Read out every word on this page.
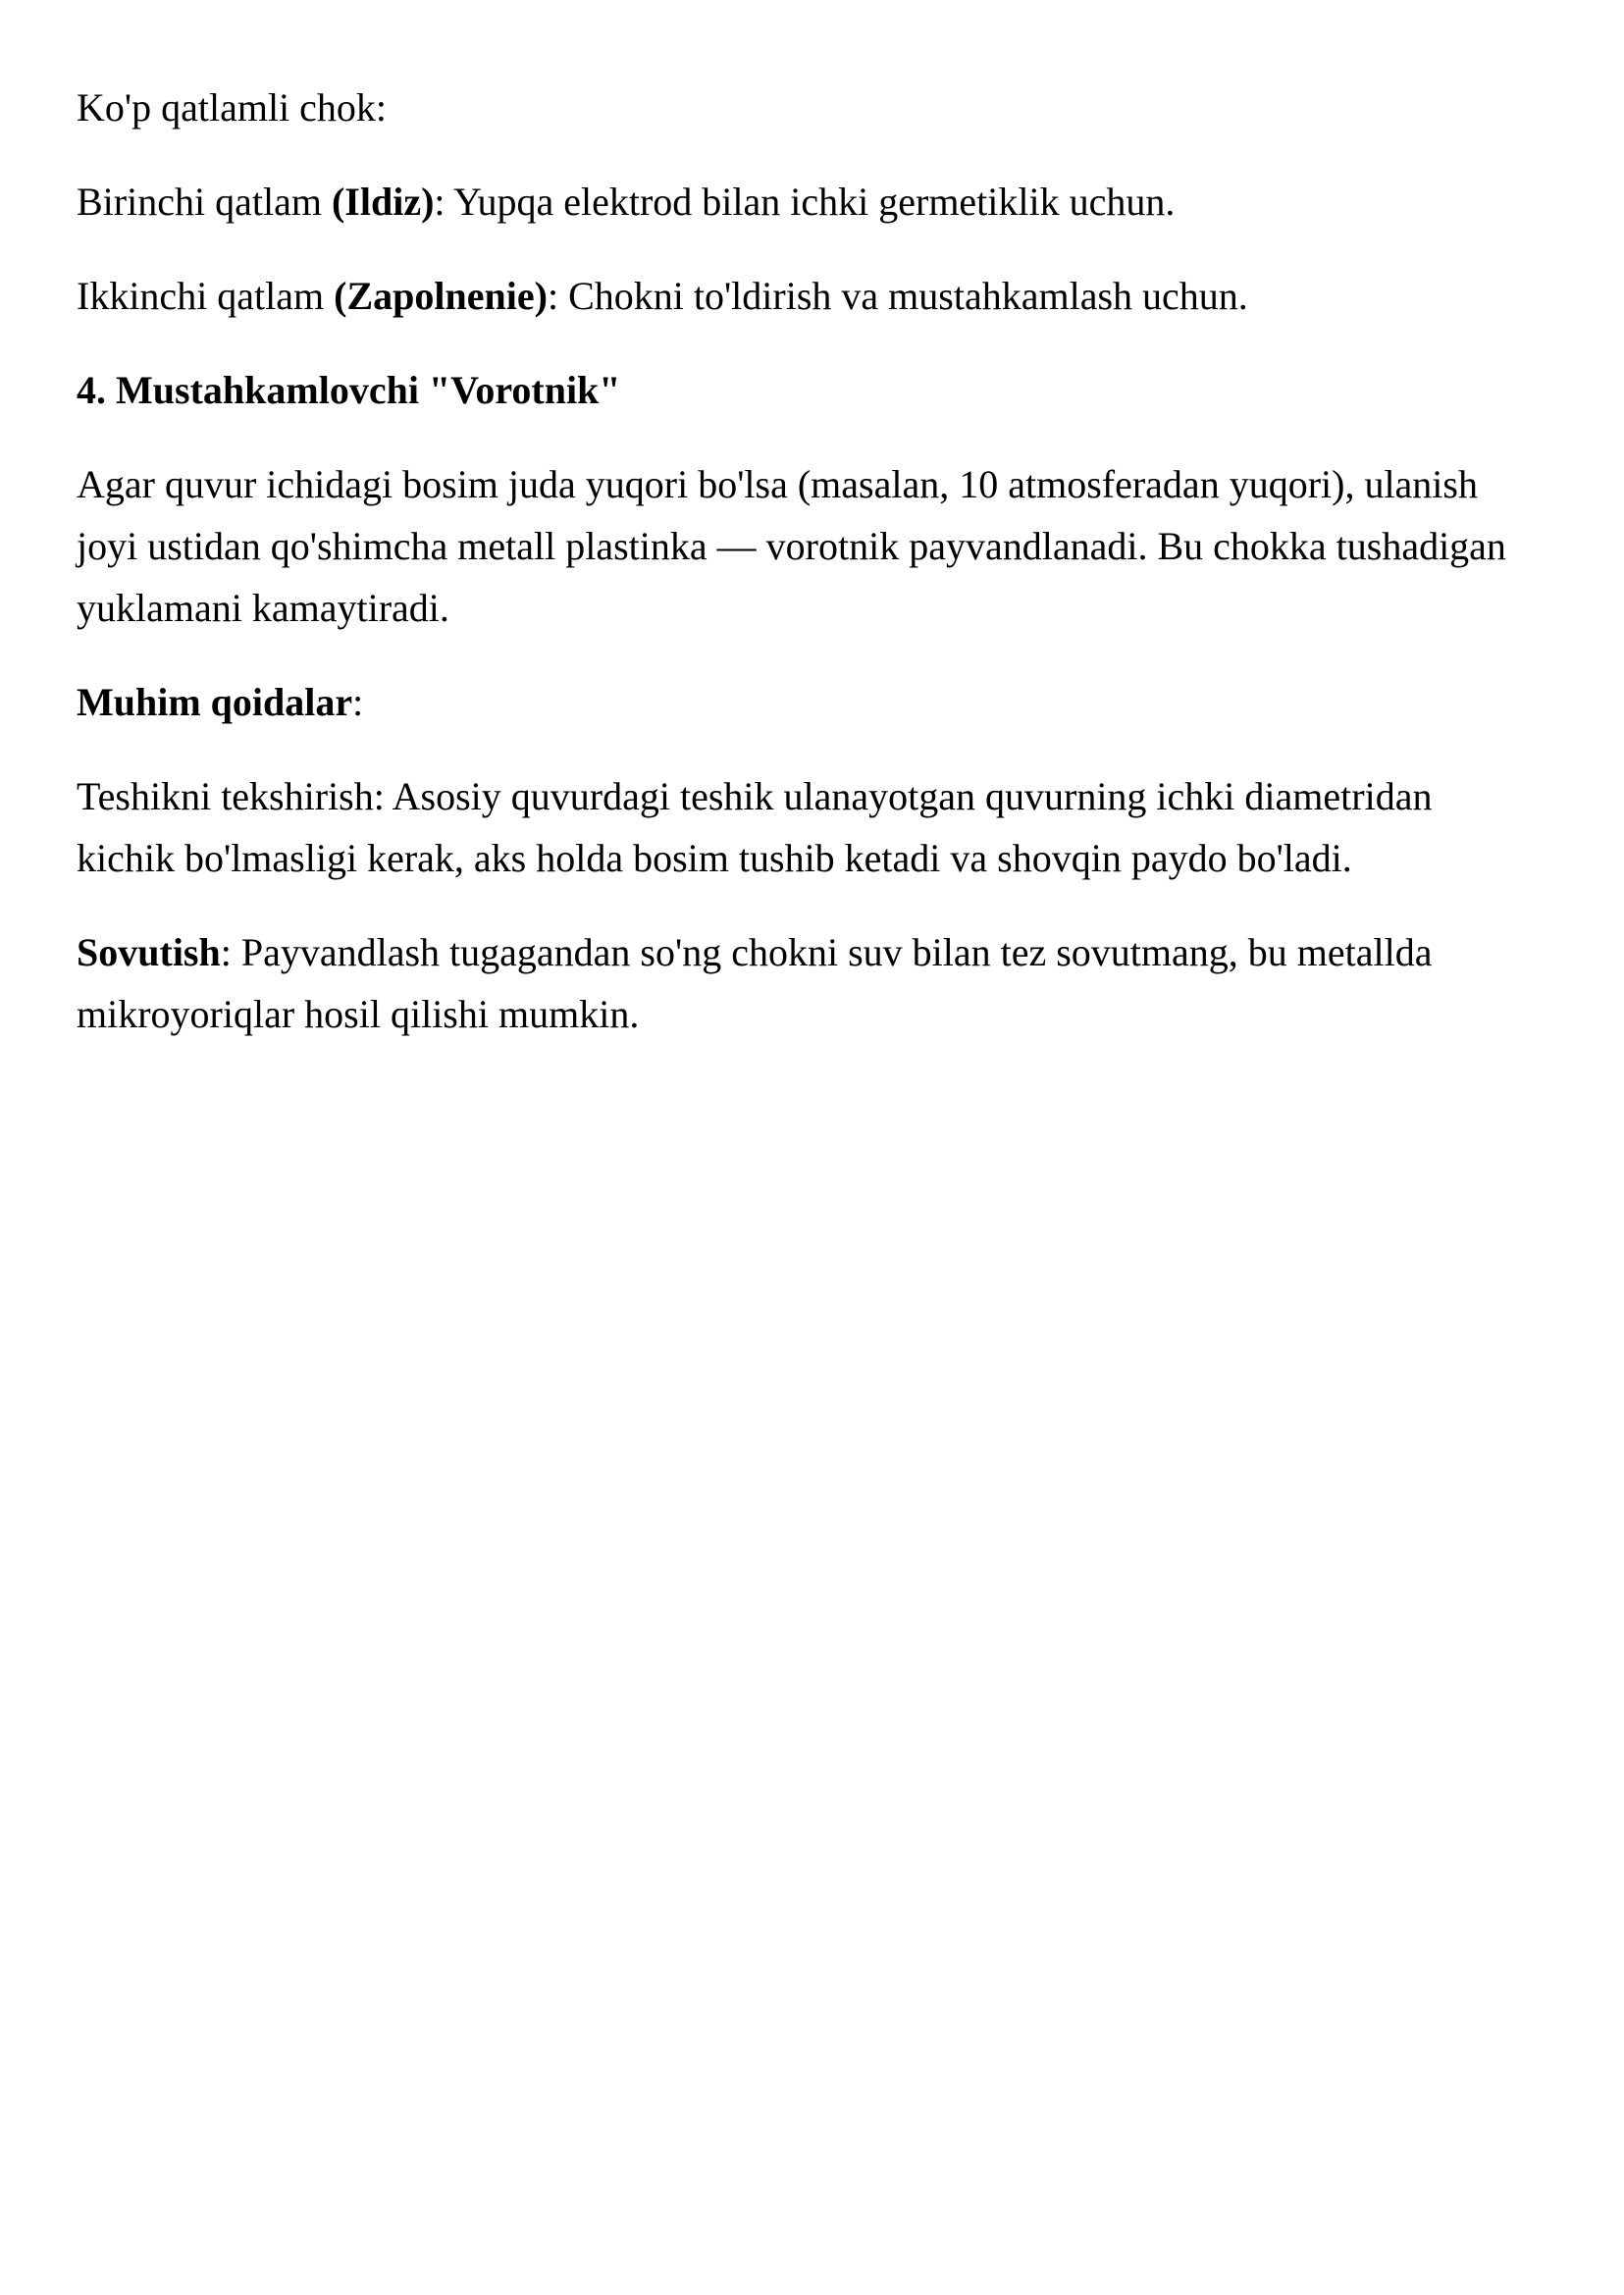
Ko'p qatlamli chok:

Birinchi qatlam (Ildiz): Yupqa elektrod bilan ichki germetiklik uchun.

Ikkinchi qatlam (Zapolnenie): Chokni to'ldirish va mustahkamlash uchun.

4. Mustahkamlovchi "Vorotnik"

Agar quvur ichidagi bosim juda yuqori bo'lsa (masalan, 10 atmosferadan yuqori), ulanish joyi ustidan qo'shimcha metall plastinka — vorotnik payvandlanadi. Bu chokka tushadigan yuklamani kamaytiradi.

Muhim qoidalar:

Teshikni tekshirish: Asosiy quvurdagi teshik ulanayotgan quvurning ichki diametridan kichik bo'lmasligi kerak, aks holda bosim tushib ketadi va shovqin paydo bo'ladi.

Sovutish: Payvandlash tugagandan so'ng chokni suv bilan tez sovutmang, bu metallda mikroyoriqlar hosil qilishi mumkin.
